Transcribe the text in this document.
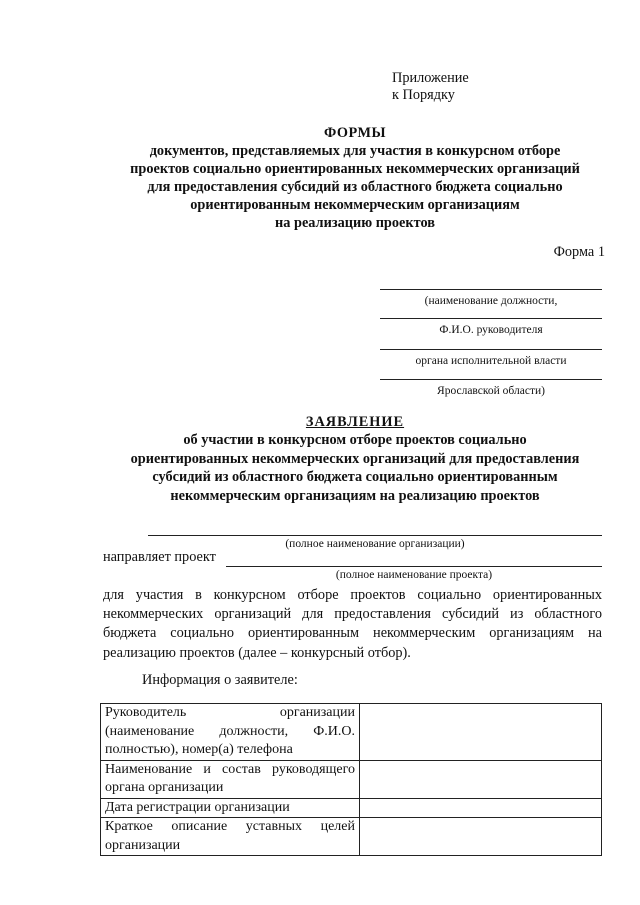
Приложение
к Порядку
ФОРМЫ
документов, представляемых для участия в конкурсном отборе
проектов социально ориентированных некоммерческих организаций
для предоставления субсидий из областного бюджета социально
ориентированным некоммерческим организациям
на реализацию проектов
Форма 1
(наименование должности,
Ф.И.О. руководителя
органа исполнительной власти
Ярославской области)
ЗАЯВЛЕНИЕ
об участии в конкурсном отборе проектов социально
ориентированных некоммерческих организаций для предоставления
субсидий из областного бюджета социально ориентированным
некоммерческим организациям на реализацию проектов
(полное наименование организации)
направляет проект
(полное наименование проекта)
для участия в конкурсном отборе проектов социально ориентированных некоммерческих организаций для предоставления субсидий из областного бюджета социально ориентированным некоммерческим организациям на реализацию проектов (далее – конкурсный отбор).
Информация о заявителе:
Руководитель организации (наименование должности, Ф.И.О. полностью), номер(а) телефона	
Наименование и состав руководящего органа организации	
Дата регистрации организации	
Краткое описание уставных целей организации	
